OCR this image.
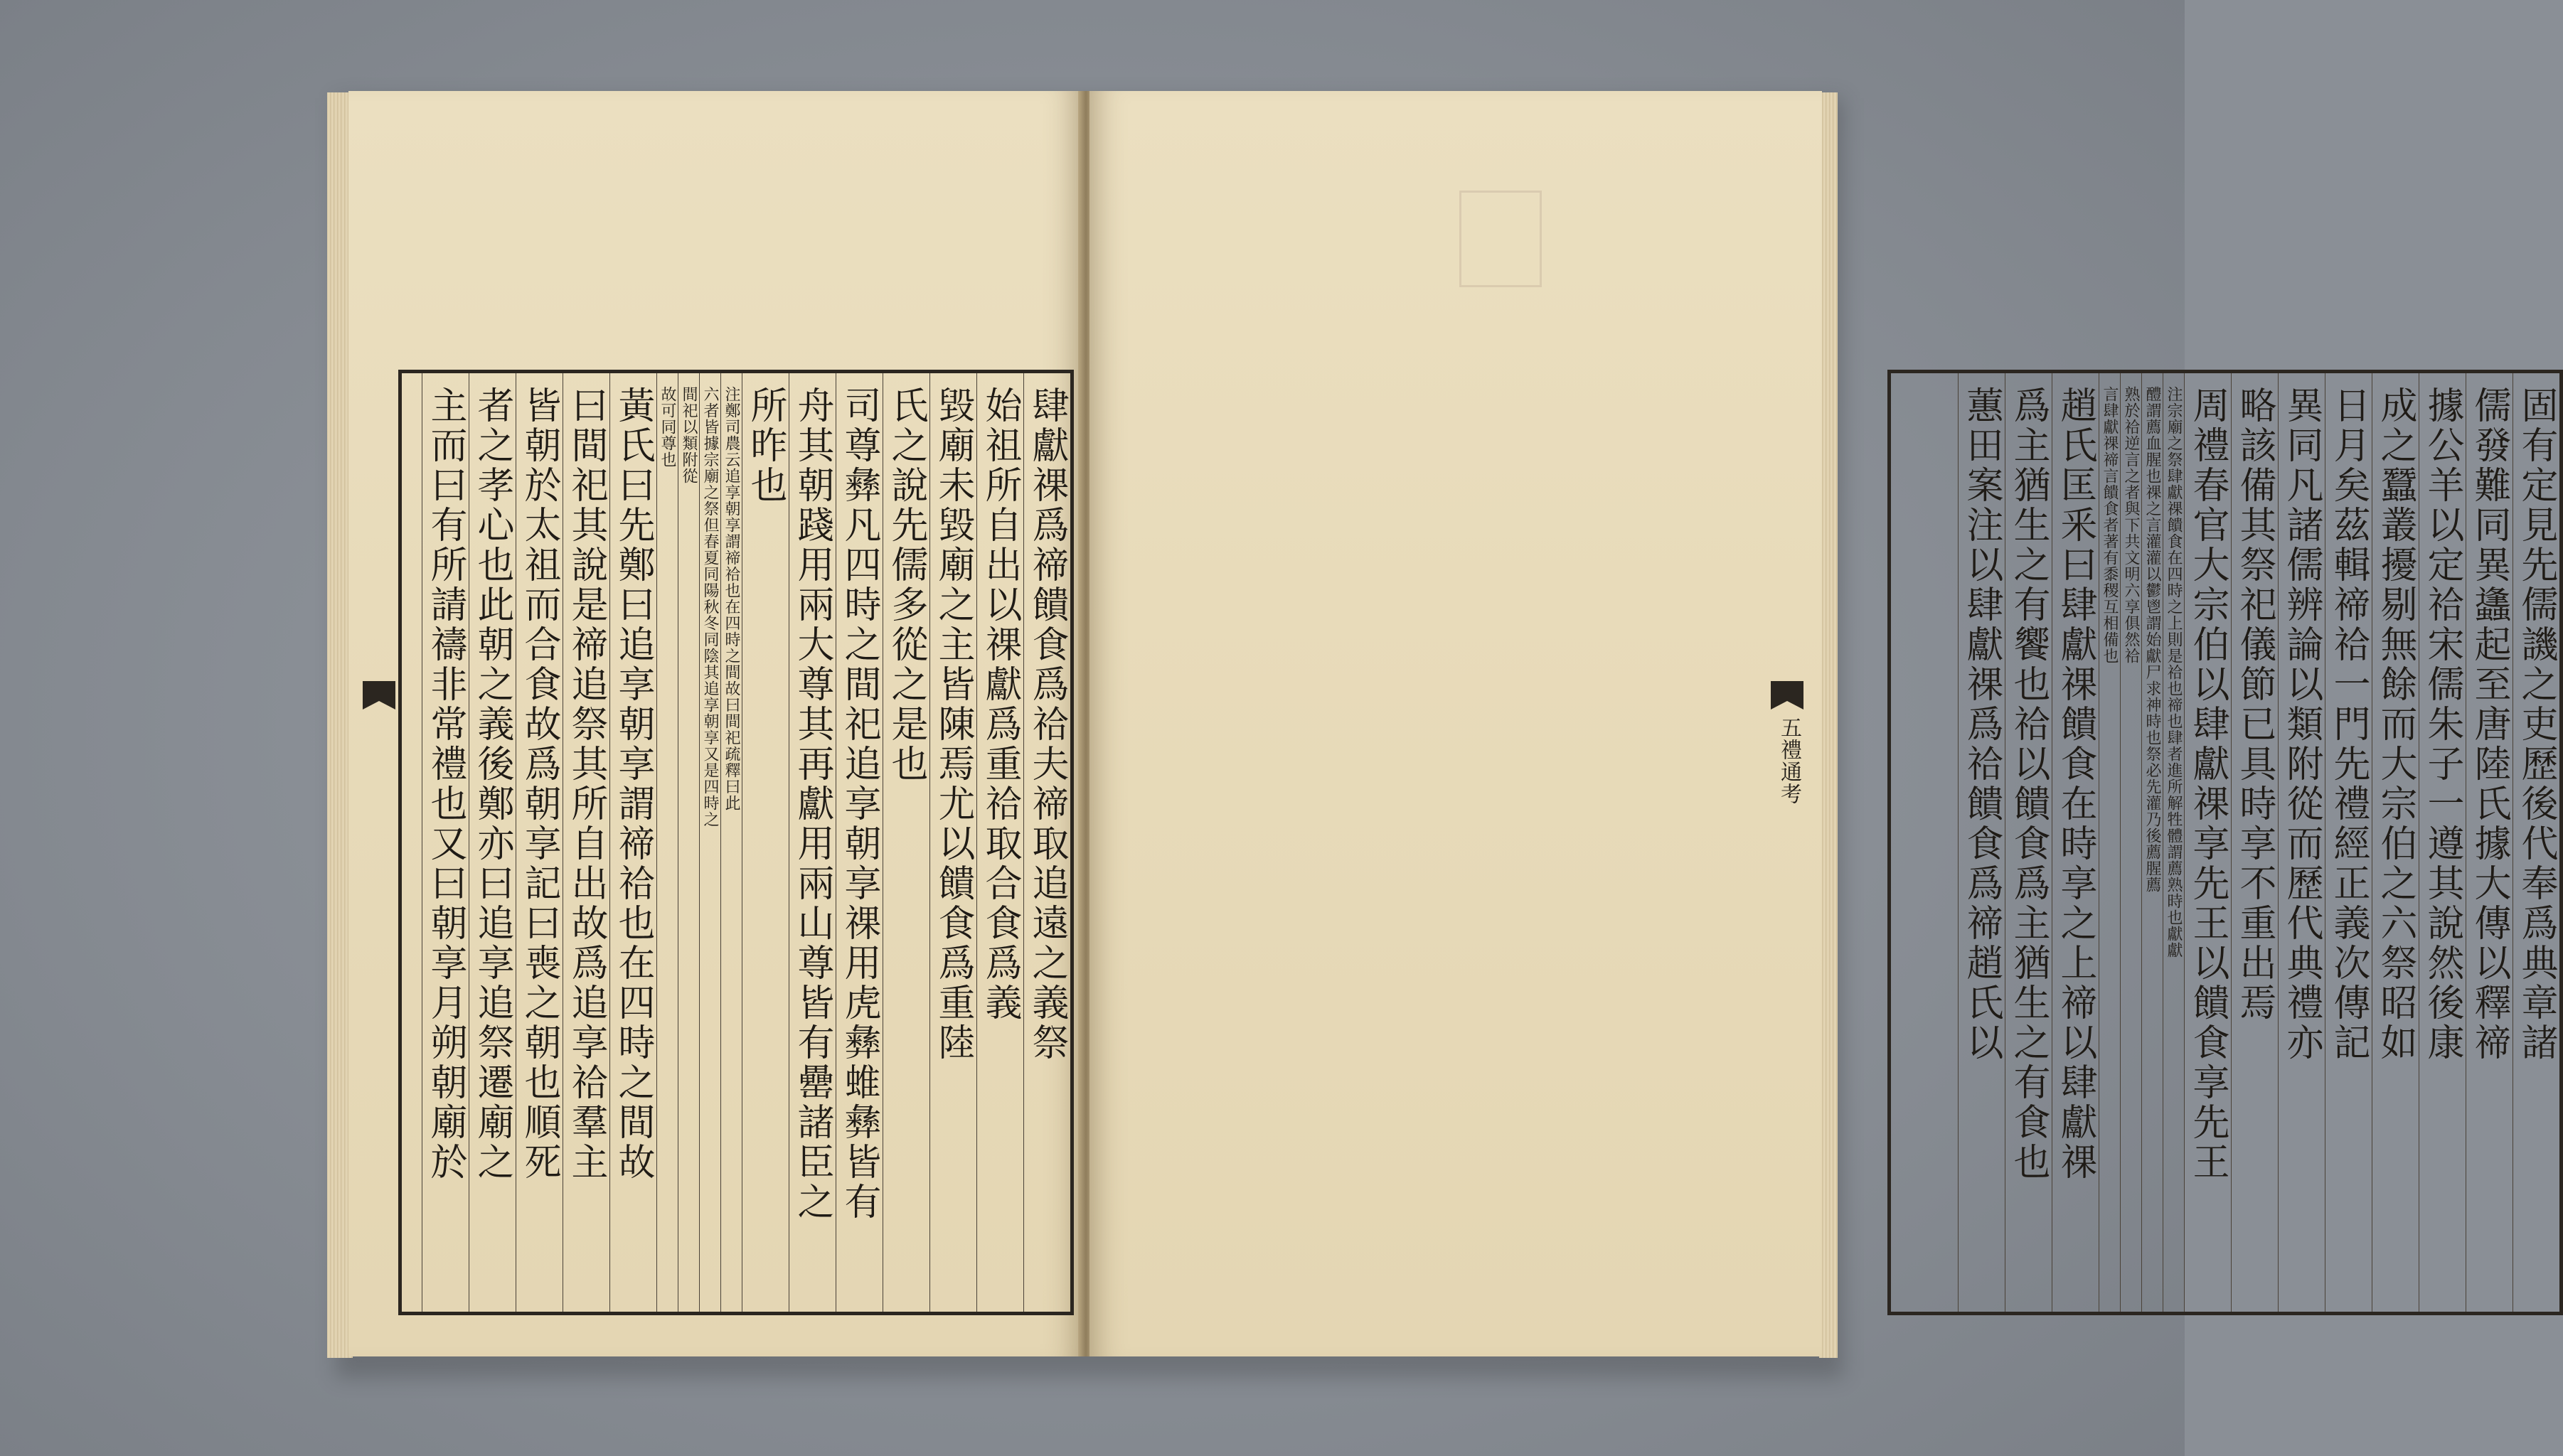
肆獻祼爲禘饋食爲祫夫禘取追遠之義祭
始祖所自出以祼獻爲重祫取合食爲義
毀廟未毀廟之主皆陳焉尤以饋食爲重陸
氏之說先儒多從之是也
司尊彝凡四時之間祀追享朝享祼用虎彝蜼彝皆有
舟其朝踐用兩大尊其再獻用兩山尊皆有罍諸臣之
所昨也
注鄭司農云追享朝享謂禘祫也在四時之間故曰間祀疏釋曰此
六者皆據宗廟之祭但春夏同陽秋冬同陰其追享朝享又是四時之
間祀以類附從
故可同尊也
黃氏曰先鄭曰追享朝享謂禘祫也在四時之間故
曰間祀其說是禘追祭其所自出故爲追享祫羣主
皆朝於太祖而合食故爲朝享記曰喪之朝也順死
者之孝心也此朝之義後鄭亦曰追享追祭遷廟之
主而曰有所請禱非常禮也又曰朝享月朔朝廟於	固有定見先儒譏之吏歷後代奉爲典章諸
儒發難同異蠭起至唐陸氏據大傳以釋禘
據公羊以定祫宋儒朱子一遵其說然後康
成之蠶叢擾剔無餘而大宗伯之六祭昭如
日月矣茲輯禘祫一門先禮經正義次傳記
異同凡諸儒辨論以類附從而歷代典禮亦
略該備其祭祀儀節已具時享不重出焉
周禮春官大宗伯以肆獻祼享先王以饋食享先王
注宗廟之祭肆獻祼饋食在四時之上則是祫也禘也肆者進所解牲體謂薦熟時也獻獻
醴謂薦血腥也祼之言灌灌以鬱鬯謂始獻尸求神時也祭必先灌乃後薦腥薦
熟於祫逆言之者與下共文明六享俱然祫
言肆獻祼禘言饋食者著有黍稷互相備也
趙氏匡釆曰肆獻祼饋食在時享之上禘以肆獻祼
爲主猶生之有饗也祫以饋食爲主猶生之有食也
蕙田案注以肆獻祼爲祫饋食爲禘趙氏以
五禮通考
